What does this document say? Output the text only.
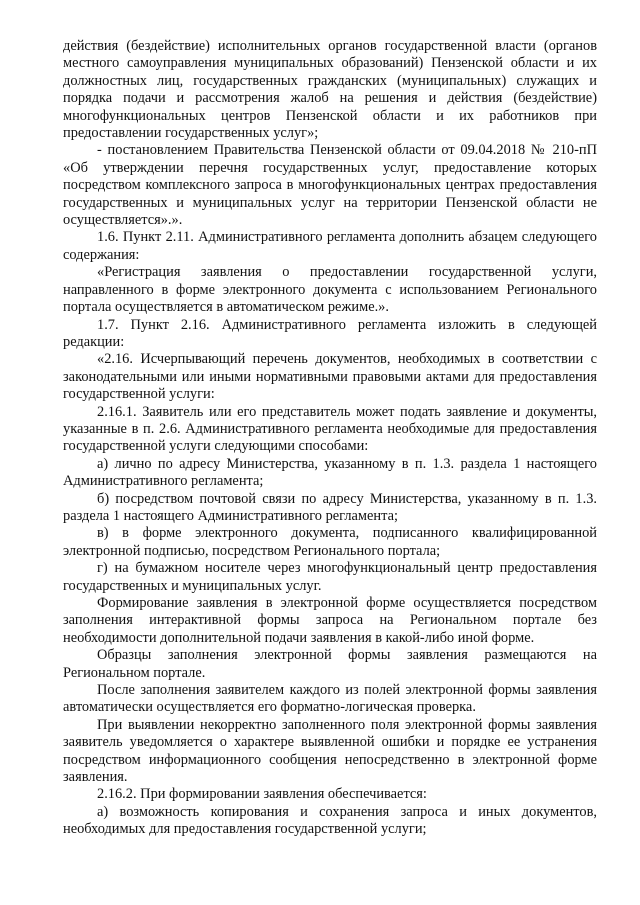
действия (бездействие) исполнительных органов государственной власти (органов местного самоуправления муниципальных образований) Пензенской области и их должностных лиц, государственных гражданских (муниципальных) служащих и порядка подачи и рассмотрения жалоб на решения и действия (бездействие) многофункциональных центров Пензенской области и их работников при предоставлении государственных услуг»;

- постановлением Правительства Пензенской области от 09.04.2018 № 210-пП «Об утверждении перечня государственных услуг, предоставление которых посредством комплексного запроса в многофункциональных центрах предоставления государственных и муниципальных услуг на территории Пензенской области не осуществляется».».

1.6. Пункт 2.11. Административного регламента дополнить абзацем следующего содержания:

«Регистрация заявления о предоставлении государственной услуги, направленного в форме электронного документа с использованием Регионального портала осуществляется в автоматическом режиме.».

1.7. Пункт 2.16. Административного регламента изложить в следующей редакции:

«2.16. Исчерпывающий перечень документов, необходимых в соответствии с законодательными или иными нормативными правовыми актами для предоставления государственной услуги:

2.16.1. Заявитель или его представитель может подать заявление и документы, указанные в п. 2.6. Административного регламента необходимые для предоставления государственной услуги следующими способами:

а) лично по адресу Министерства, указанному в п. 1.3. раздела 1 настоящего Административного регламента;

б) посредством почтовой связи по адресу Министерства, указанному в п. 1.3. раздела 1 настоящего Административного регламента;

в) в форме электронного документа, подписанного квалифицированной электронной подписью, посредством Регионального портала;

г) на бумажном носителе через многофункциональный центр предоставления государственных и муниципальных услуг.

Формирование заявления в электронной форме осуществляется посредством заполнения интерактивной формы запроса на Региональном портале без необходимости дополнительной подачи заявления в какой-либо иной форме.

Образцы заполнения электронной формы заявления размещаются на Региональном портале.

После заполнения заявителем каждого из полей электронной формы заявления автоматически осуществляется его форматно-логическая проверка.

При выявлении некорректно заполненного поля электронной формы заявления заявитель уведомляется о характере выявленной ошибки и порядке ее устранения посредством информационного сообщения непосредственно в электронной форме заявления.

2.16.2. При формировании заявления обеспечивается:

а) возможность копирования и сохранения запроса и иных документов, необходимых для предоставления государственной услуги;
